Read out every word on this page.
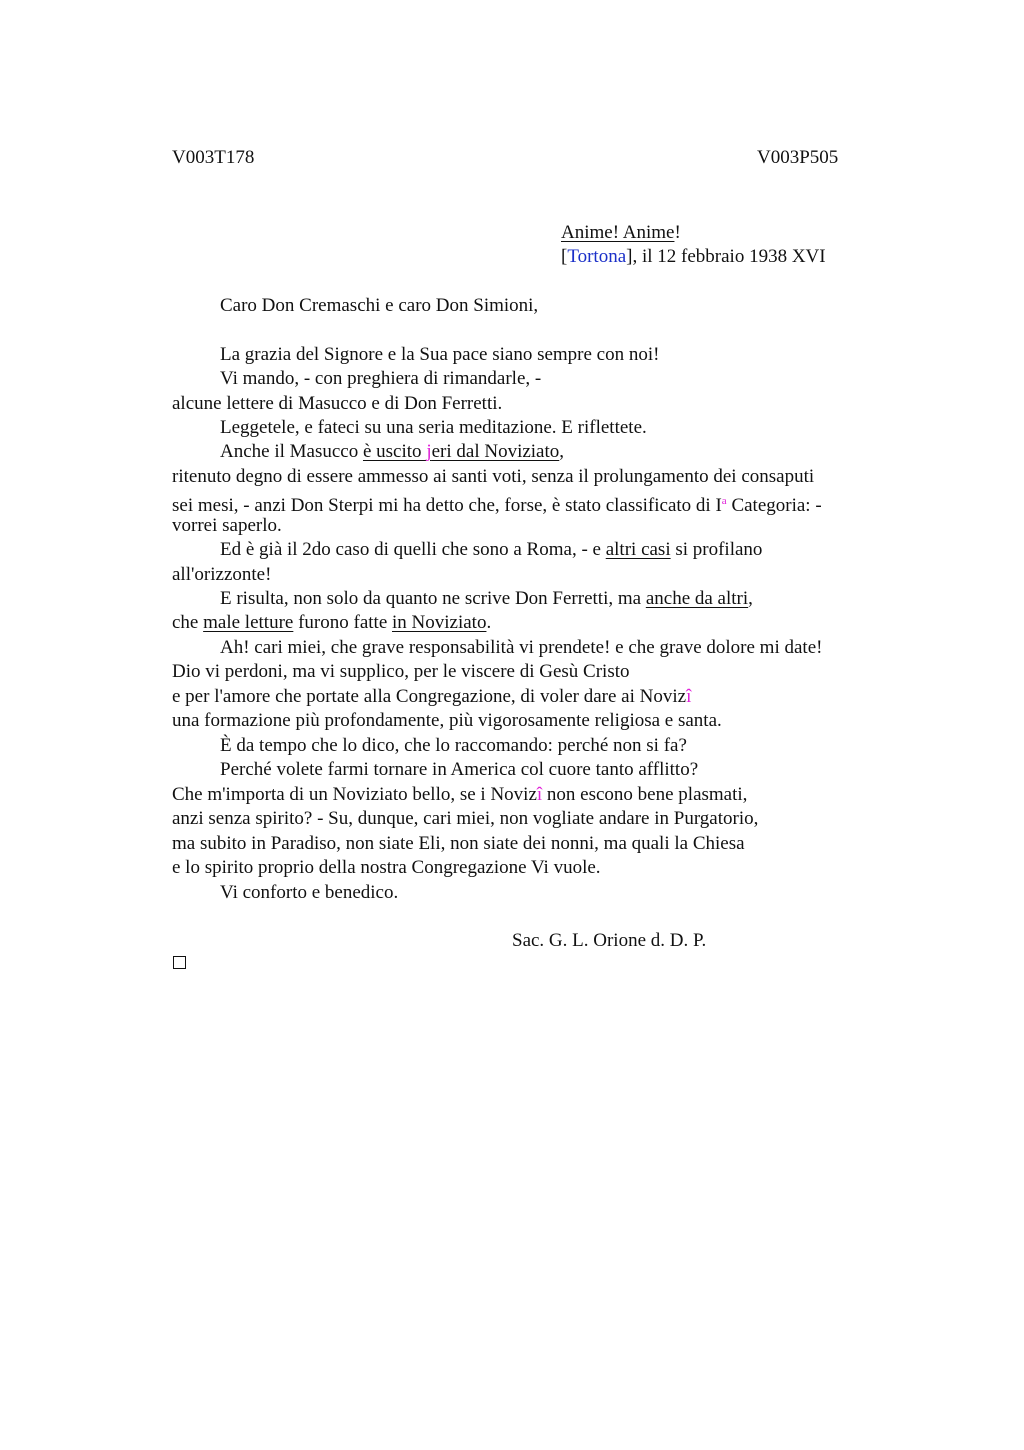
V003T178	V003P505
Anime! Anime!
[Tortona], il 12 febbraio 1938 XVI
Caro Don Cremaschi e caro Don Simioni,
La grazia del Signore e la Sua pace siano sempre con noi!
Vi mando, - con preghiera di rimandarle, -
alcune lettere di Masucco e di Don Ferretti.
Leggetele, e fateci su una seria meditazione. E riflettete.
Anche il Masucco è uscito jeri dal Noviziato,
ritenuto degno di essere ammesso ai santi voti, senza il prolungamento dei consaputi
sei mesi, - anzi Don Sterpi mi ha detto che, forse, è stato classificato di $I^a$ Categoria: -
vorrei saperlo.
Ed è già il 2do caso di quelli che sono a Roma, - e altri casi si profilano
all'orizzonte!
E risulta, non solo da quanto ne scrive Don Ferretti, ma anche da altri,
che male letture furono fatte in Noviziato.
Ah! cari miei, che grave responsabilità vi prendete! e che grave dolore mi date!
Dio vi perdoni, ma vi supplico, per le viscere di Gesù Cristo
e per l'amore che portate alla Congregazione, di voler dare ai Novizî
una formazione più profondamente, più vigorosamente religiosa e santa.
È da tempo che lo dico, che lo raccomando: perché non si fa?
Perché volete farmi tornare in America col cuore tanto afflitto?
Che m'importa di un Noviziato bello, se i Novizî non escono bene plasmati,
anzi senza spirito? - Su, dunque, cari miei, non vogliate andare in Purgatorio,
ma subito in Paradiso, non siate Eli, non siate dei nonni, ma quali la Chiesa
e lo spirito proprio della nostra Congregazione Vi vuole.
Vi conforto e benedico.
Sac. G. L. Orione d. D. P.
